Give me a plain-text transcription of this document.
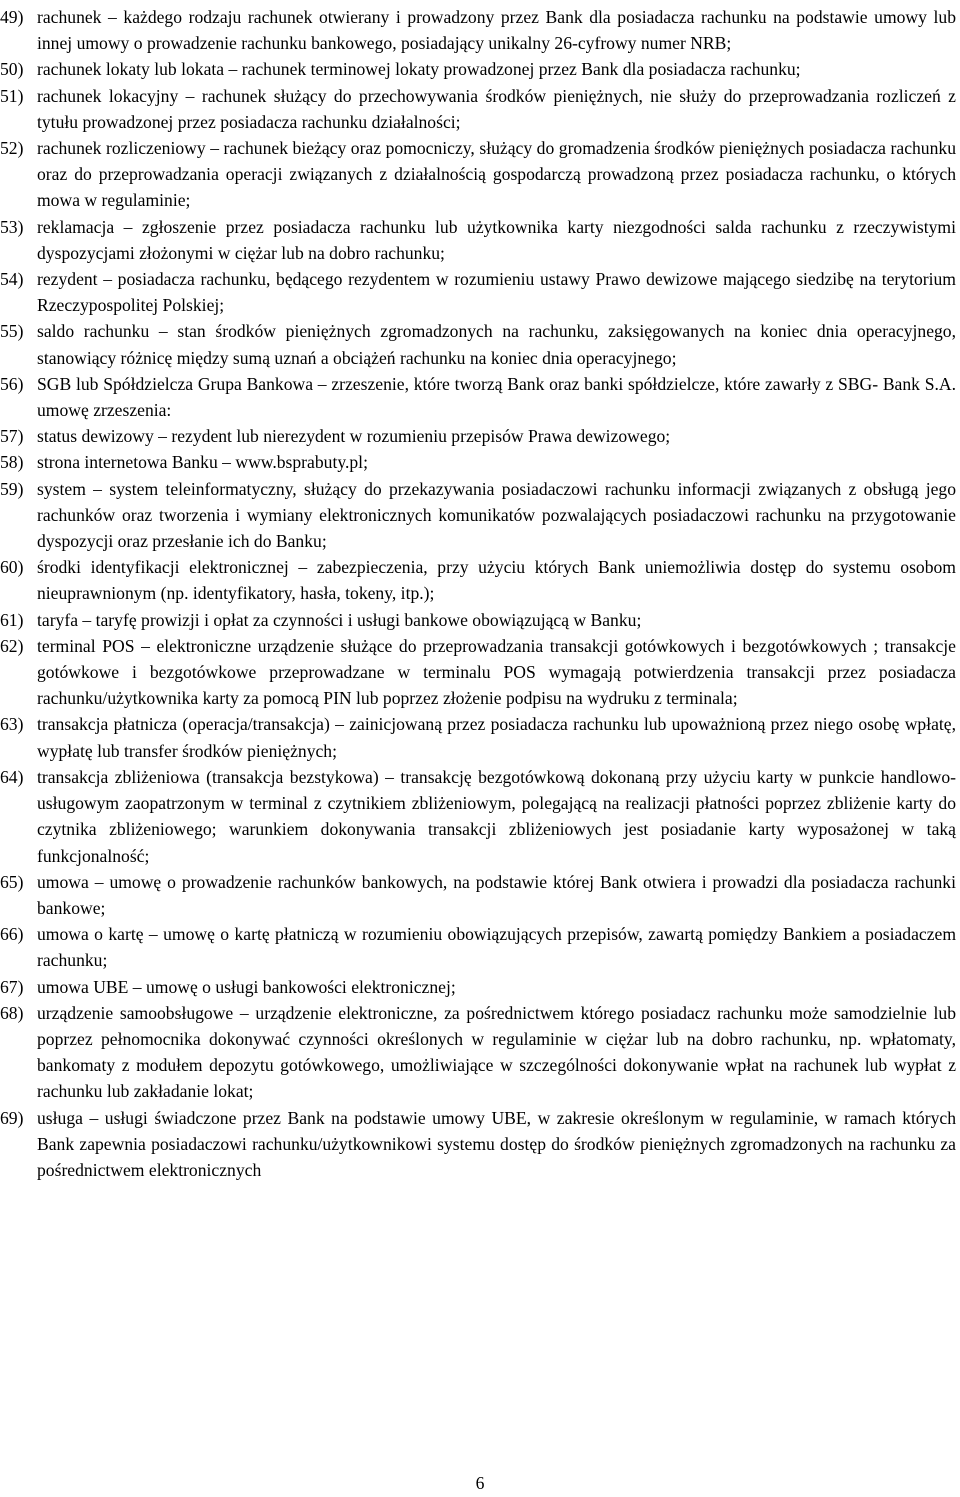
49) rachunek – każdego rodzaju rachunek otwierany i prowadzony przez Bank dla posiadacza rachunku na podstawie umowy lub innej umowy o prowadzenie rachunku bankowego, posiadający unikalny 26-cyfrowy numer NRB;
50) rachunek lokaty lub lokata – rachunek terminowej lokaty prowadzonej przez Bank dla posiadacza rachunku;
51) rachunek lokacyjny – rachunek służący do przechowywania środków pieniężnych, nie służy do przeprowadzania rozliczeń z tytułu prowadzonej przez posiadacza rachunku działalności;
52) rachunek rozliczeniowy – rachunek bieżący oraz pomocniczy, służący do gromadzenia środków pieniężnych posiadacza rachunku oraz do przeprowadzania operacji związanych z działalnością gospodarczą prowadzoną przez posiadacza rachunku, o których mowa w regulaminie;
53) reklamacja – zgłoszenie przez posiadacza rachunku lub użytkownika karty niezgodności salda rachunku z rzeczywistymi dyspozycjami złożonymi w ciężar lub na dobro rachunku;
54) rezydent – posiadacza rachunku, będącego rezydentem w rozumieniu ustawy Prawo dewizowe mającego siedzibę na terytorium Rzeczypospolitej Polskiej;
55) saldo rachunku – stan środków pieniężnych zgromadzonych na rachunku, zaksięgowanych na koniec dnia operacyjnego, stanowiący różnicę między sumą uznań a obciążeń rachunku na koniec dnia operacyjnego;
56) SGB lub Spółdzielcza Grupa Bankowa – zrzeszenie, które tworzą Bank oraz banki spółdzielcze, które zawarły z SBG- Bank S.A. umowę zrzeszenia:
57) status dewizowy – rezydent lub nierezydent w rozumieniu przepisów Prawa dewizowego;
58) strona internetowa Banku – www.bsprabuty.pl;
59) system – system teleinformatyczny, służący do przekazywania posiadaczowi rachunku informacji związanych z obsługą jego rachunków oraz tworzenia i wymiany elektronicznych komunikatów pozwalających posiadaczowi rachunku na przygotowanie dyspozycji oraz przesłanie ich do Banku;
60) środki identyfikacji elektronicznej – zabezpieczenia, przy użyciu których Bank uniemożliwia dostęp do systemu osobom nieuprawnionym (np. identyfikatory, hasła, tokeny, itp.);
61) taryfa – taryfę prowizji i opłat za czynności i usługi bankowe obowiązującą w Banku;
62) terminal POS – elektroniczne urządzenie służące do przeprowadzania transakcji gotówkowych i bezgotówkowych ; transakcje gotówkowe i bezgotówkowe przeprowadzane w terminalu POS wymagają potwierdzenia transakcji przez posiadacza rachunku/użytkownika karty za pomocą PIN lub poprzez złożenie podpisu na wydruku z terminala;
63) transakcja płatnicza (operacja/transakcja) – zainicjowaną przez posiadacza rachunku lub upoważnioną przez niego osobę wpłatę, wypłatę lub transfer środków pieniężnych;
64) transakcja zbliżeniowa (transakcja bezstykowa) – transakcję bezgotówkową dokonaną przy użyciu karty w punkcie handlowo-usługowym zaopatrzonym w terminal z czytnikiem zbliżeniowym, polegającą na realizacji płatności poprzez zbliżenie karty do czytnika zbliżeniowego; warunkiem dokonywania transakcji zbliżeniowych jest posiadanie karty wyposażonej w taką funkcjonalność;
65) umowa – umowę o prowadzenie rachunków bankowych, na podstawie której Bank otwiera i prowadzi dla posiadacza rachunki bankowe;
66) umowa o kartę – umowę o kartę płatniczą w rozumieniu obowiązujących przepisów, zawartą pomiędzy Bankiem a posiadaczem rachunku;
67) umowa UBE – umowę o usługi bankowości elektronicznej;
68) urządzenie samoobsługowe – urządzenie elektroniczne, za pośrednictwem którego posiadacz rachunku może samodzielnie lub poprzez pełnomocnika dokonywać czynności określonych w regulaminie w ciężar lub na dobro rachunku, np. wpłatomaty, bankomaty z modułem depozytu gotówkowego, umożliwiające w szczególności dokonywanie wpłat na rachunek lub wypłat z rachunku lub zakładanie lokat;
69) usługa – usługi świadczone przez Bank na podstawie umowy UBE, w zakresie określonym w regulaminie, w ramach których Bank zapewnia posiadaczowi rachunku/użytkownikowi systemu dostęp do środków pieniężnych zgromadzonych na rachunku za pośrednictwem elektronicznych
6
